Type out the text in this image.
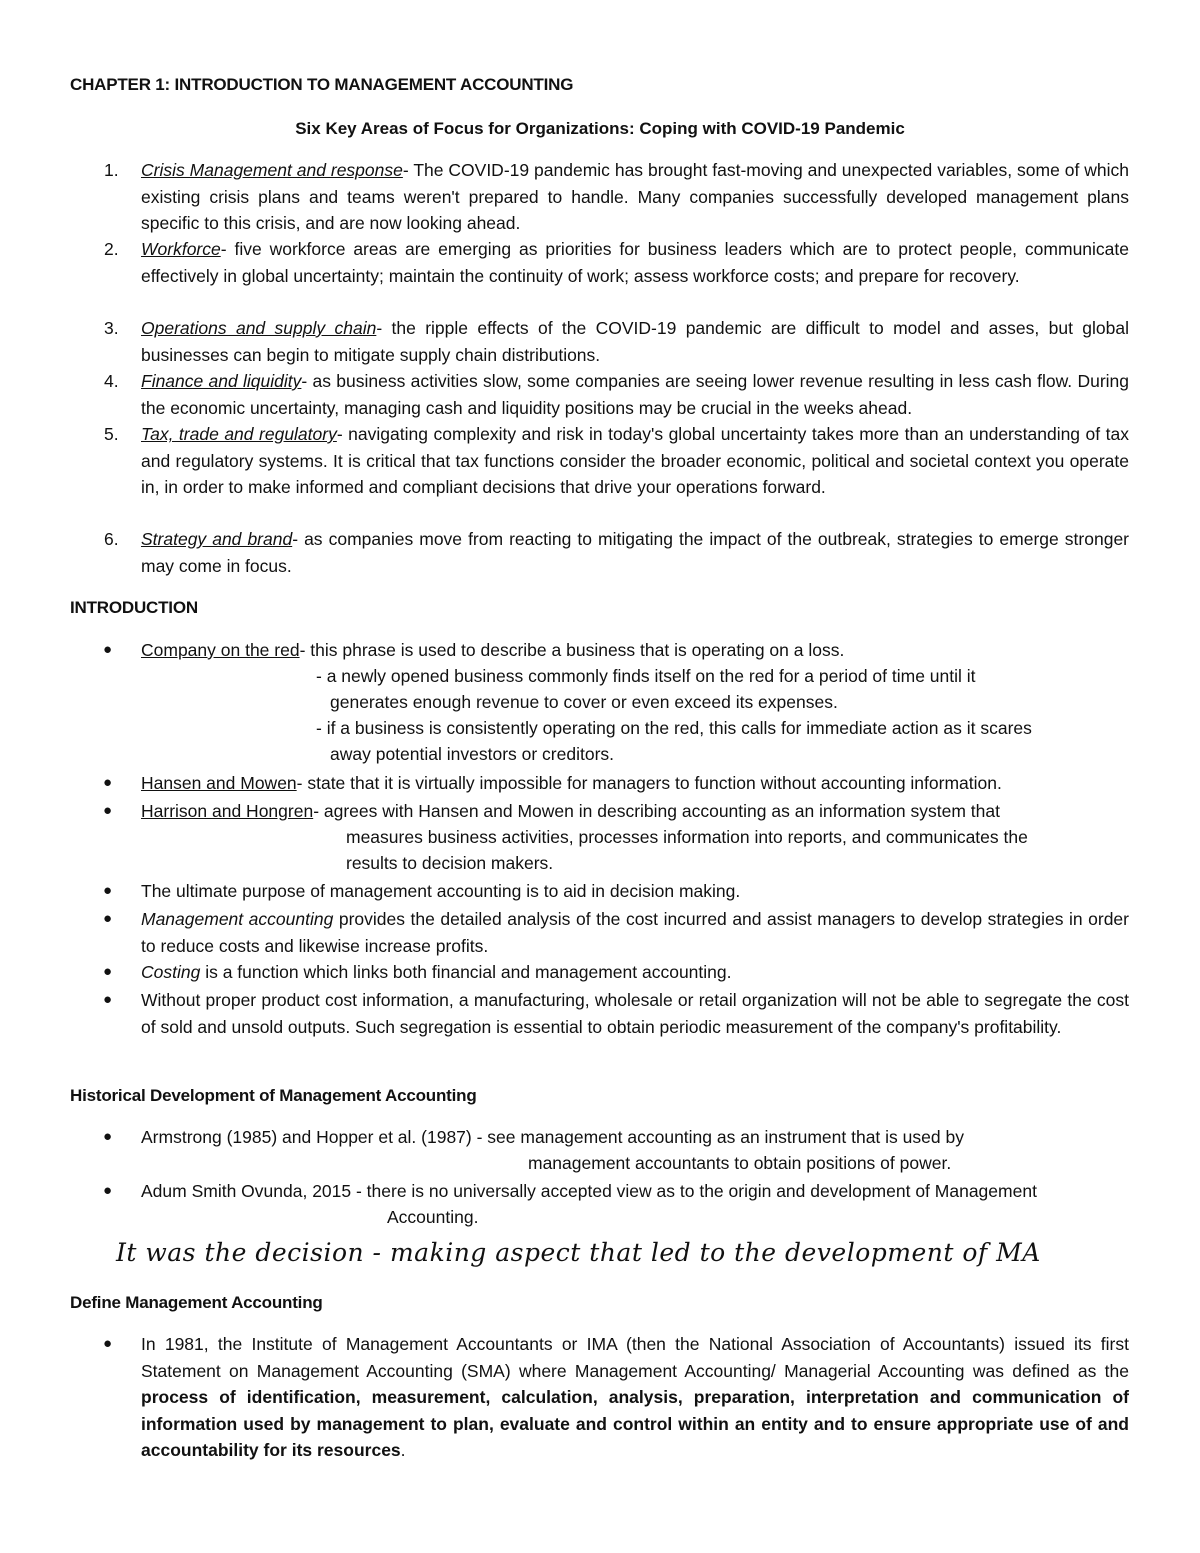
CHAPTER 1: INTRODUCTION TO MANAGEMENT ACCOUNTING
Six Key Areas of Focus for Organizations: Coping with COVID-19 Pandemic
1. Crisis Management and response- The COVID-19 pandemic has brought fast-moving and unexpected variables, some of which existing crisis plans and teams weren't prepared to handle. Many companies successfully developed management plans specific to this crisis, and are now looking ahead.
2. Workforce- five workforce areas are emerging as priorities for business leaders which are to protect people, communicate effectively in global uncertainty; maintain the continuity of work; assess workforce costs; and prepare for recovery.
3. Operations and supply chain- the ripple effects of the COVID-19 pandemic are difficult to model and asses, but global businesses can begin to mitigate supply chain distributions.
4. Finance and liquidity- as business activities slow, some companies are seeing lower revenue resulting in less cash flow. During the economic uncertainty, managing cash and liquidity positions may be crucial in the weeks ahead.
5. Tax, trade and regulatory- navigating complexity and risk in today's global uncertainty takes more than an understanding of tax and regulatory systems. It is critical that tax functions consider the broader economic, political and societal context you operate in, in order to make informed and compliant decisions that drive your operations forward.
6. Strategy and brand- as companies move from reacting to mitigating the impact of the outbreak, strategies to emerge stronger may come in focus.
INTRODUCTION
● Company on the red- this phrase is used to describe a business that is operating on a loss.
- a newly opened business commonly finds itself on the red for a period of time until it
generates enough revenue to cover or even exceed its expenses.
- if a business is consistently operating on the red, this calls for immediate action as it scares
away potential investors or creditors.
● Hansen and Mowen- state that it is virtually impossible for managers to function without accounting information.
● Harrison and Hongren- agrees with Hansen and Mowen in describing accounting as an information system that
measures business activities, processes information into reports, and communicates the
results to decision makers.
● The ultimate purpose of management accounting is to aid in decision making.
● Management accounting provides the detailed analysis of the cost incurred and assist managers to develop strategies in order to reduce costs and likewise increase profits.
● Costing is a function which links both financial and management accounting.
● Without proper product cost information, a manufacturing, wholesale or retail organization will not be able to segregate the cost of sold and unsold outputs. Such segregation is essential to obtain periodic measurement of the company's profitability.
Historical Development of Management Accounting
● Armstrong (1985) and Hopper et al. (1987) - see management accounting as an instrument that is used by
management accountants to obtain positions of power.
● Adum Smith Ovunda, 2015 - there is no universally accepted view as to the origin and development of Management
Accounting.
It was the decision - making aspect that led to the development of MA
Define Management Accounting
● In 1981, the Institute of Management Accountants or IMA (then the National Association of Accountants) issued its first Statement on Management Accounting (SMA) where Management Accounting/ Managerial Accounting was defined as the process of identification, measurement, calculation, analysis, preparation, interpretation and communication of information used by management to plan, evaluate and control within an entity and to ensure appropriate use of and accountability for its resources.
